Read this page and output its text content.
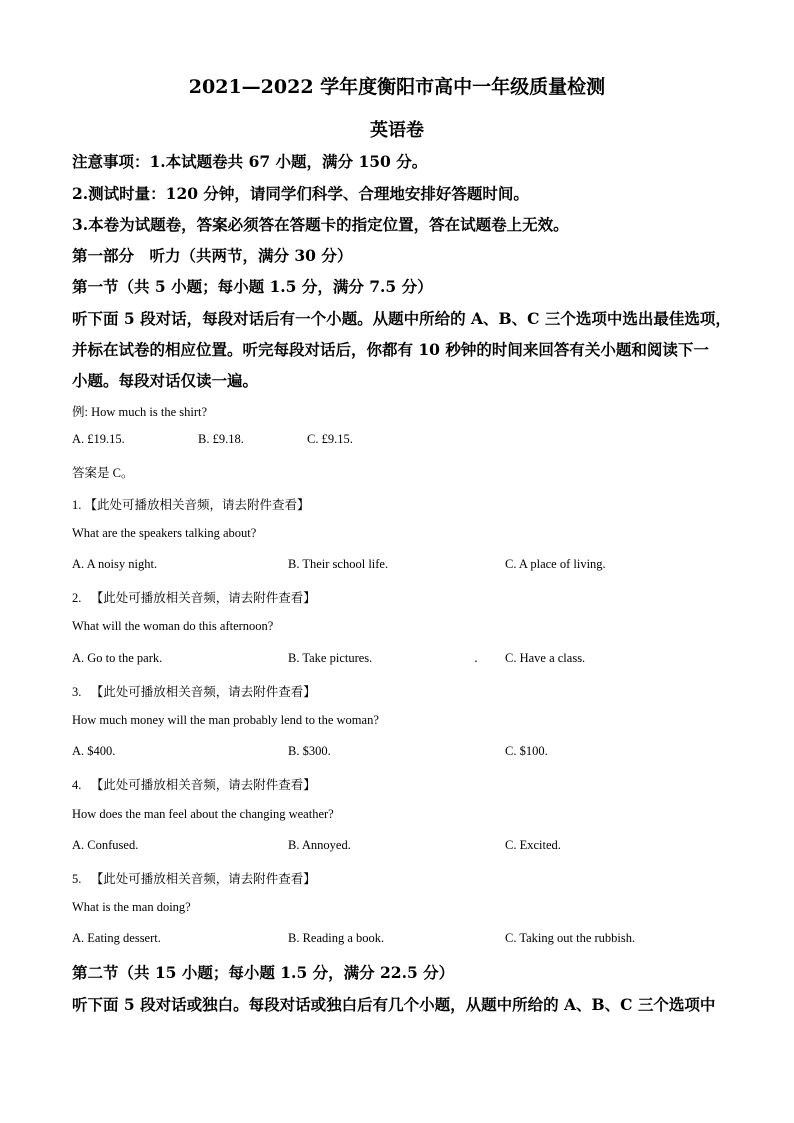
2021—2022 学年度衡阳市高中一年级质量检测
英语卷
注意事项：1.本试题卷共 67 小题，满分 150 分。
2.测试时量：120 分钟，请同学们科学、合理地安排好答题时间。
3.本卷为试题卷，答案必须答在答题卡的指定位置，答在试题卷上无效。
第一部分　听力（共两节，满分 30 分）
第一节（共 5 小题；每小题 1.5 分，满分 7.5 分）
听下面 5 段对话，每段对话后有一个小题。从题中所给的 A、B、C 三个选项中选出最佳选项，
并标在试卷的相应位置。听完每段对话后，你都有 10 秒钟的时间来回答有关小题和阅读下一
小题。每段对话仅读一遍。
例: How much is the shirt?
A. £19.15.	B. £9.18.	C. £9.15.
答案是 C。
1. 【此处可播放相关音频，请去附件查看】
What are the speakers talking about?
A. A noisy night.	B. Their school life.	C. A place of living.
2. 　【此处可播放相关音频，请去附件查看】
What will the woman do this afternoon?
A. Go to the park.	B. Take pictures.	. C. Have a class.
3. 　【此处可播放相关音频，请去附件查看】
How much money will the man probably lend to the woman?
A. $400.	B. $300.	C. $100.
4. 　【此处可播放相关音频，请去附件查看】
How does the man feel about the changing weather?
A. Confused.	B. Annoyed.	C. Excited.
5. 　【此处可播放相关音频，请去附件查看】
What is the man doing?
A. Eating dessert.	B. Reading a book.	C. Taking out the rubbish.
第二节（共 15 小题；每小题 1.5 分，满分 22.5 分）
听下面 5 段对话或独白。每段对话或独白后有几个小题，从题中所给的 A、B、C 三个选项中
